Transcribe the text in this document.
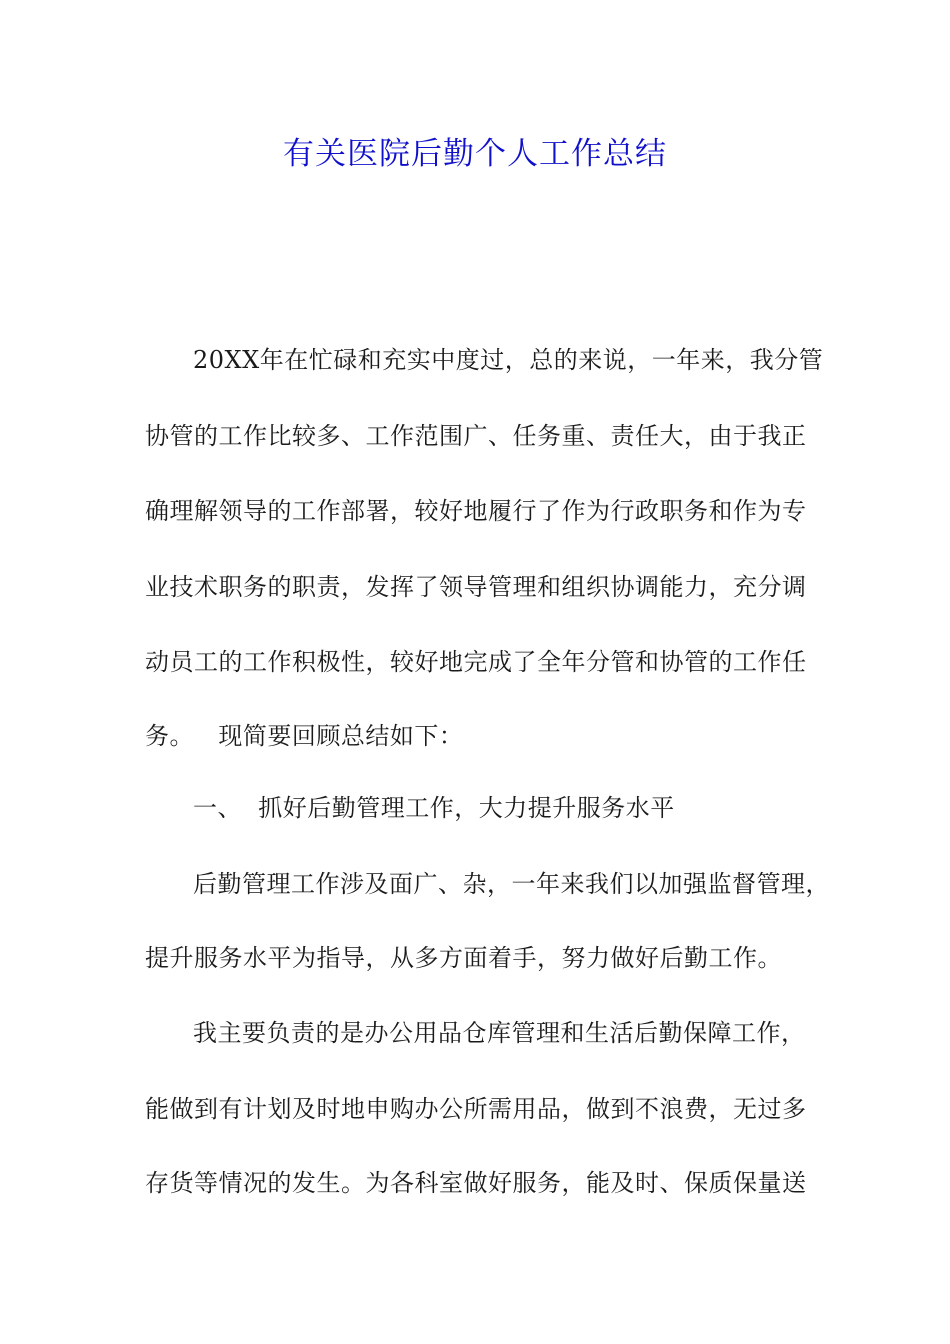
有关医院后勤个人工作总结
20XX年在忙碌和充实中度过，总的来说，一年来，我分管
协管的工作比较多、工作范围广、任务重、责任大，由于我正
确理解领导的工作部署，较好地履行了作为行政职务和作为专
业技术职务的职责，发挥了领导管理和组织协调能力，充分调
动员工的工作积极性，较好地完成了全年分管和协管的工作任
务。   现简要回顾总结如下：
一、  抓好后勤管理工作，大力提升服务水平
后勤管理工作涉及面广、杂，一年来我们以加强监督管理，
提升服务水平为指导，从多方面着手，努力做好后勤工作。
我主要负责的是办公用品仓库管理和生活后勤保障工作，
能做到有计划及时地申购办公所需用品，做到不浪费，无过多
存货等情况的发生。为各科室做好服务，能及时、保质保量送
